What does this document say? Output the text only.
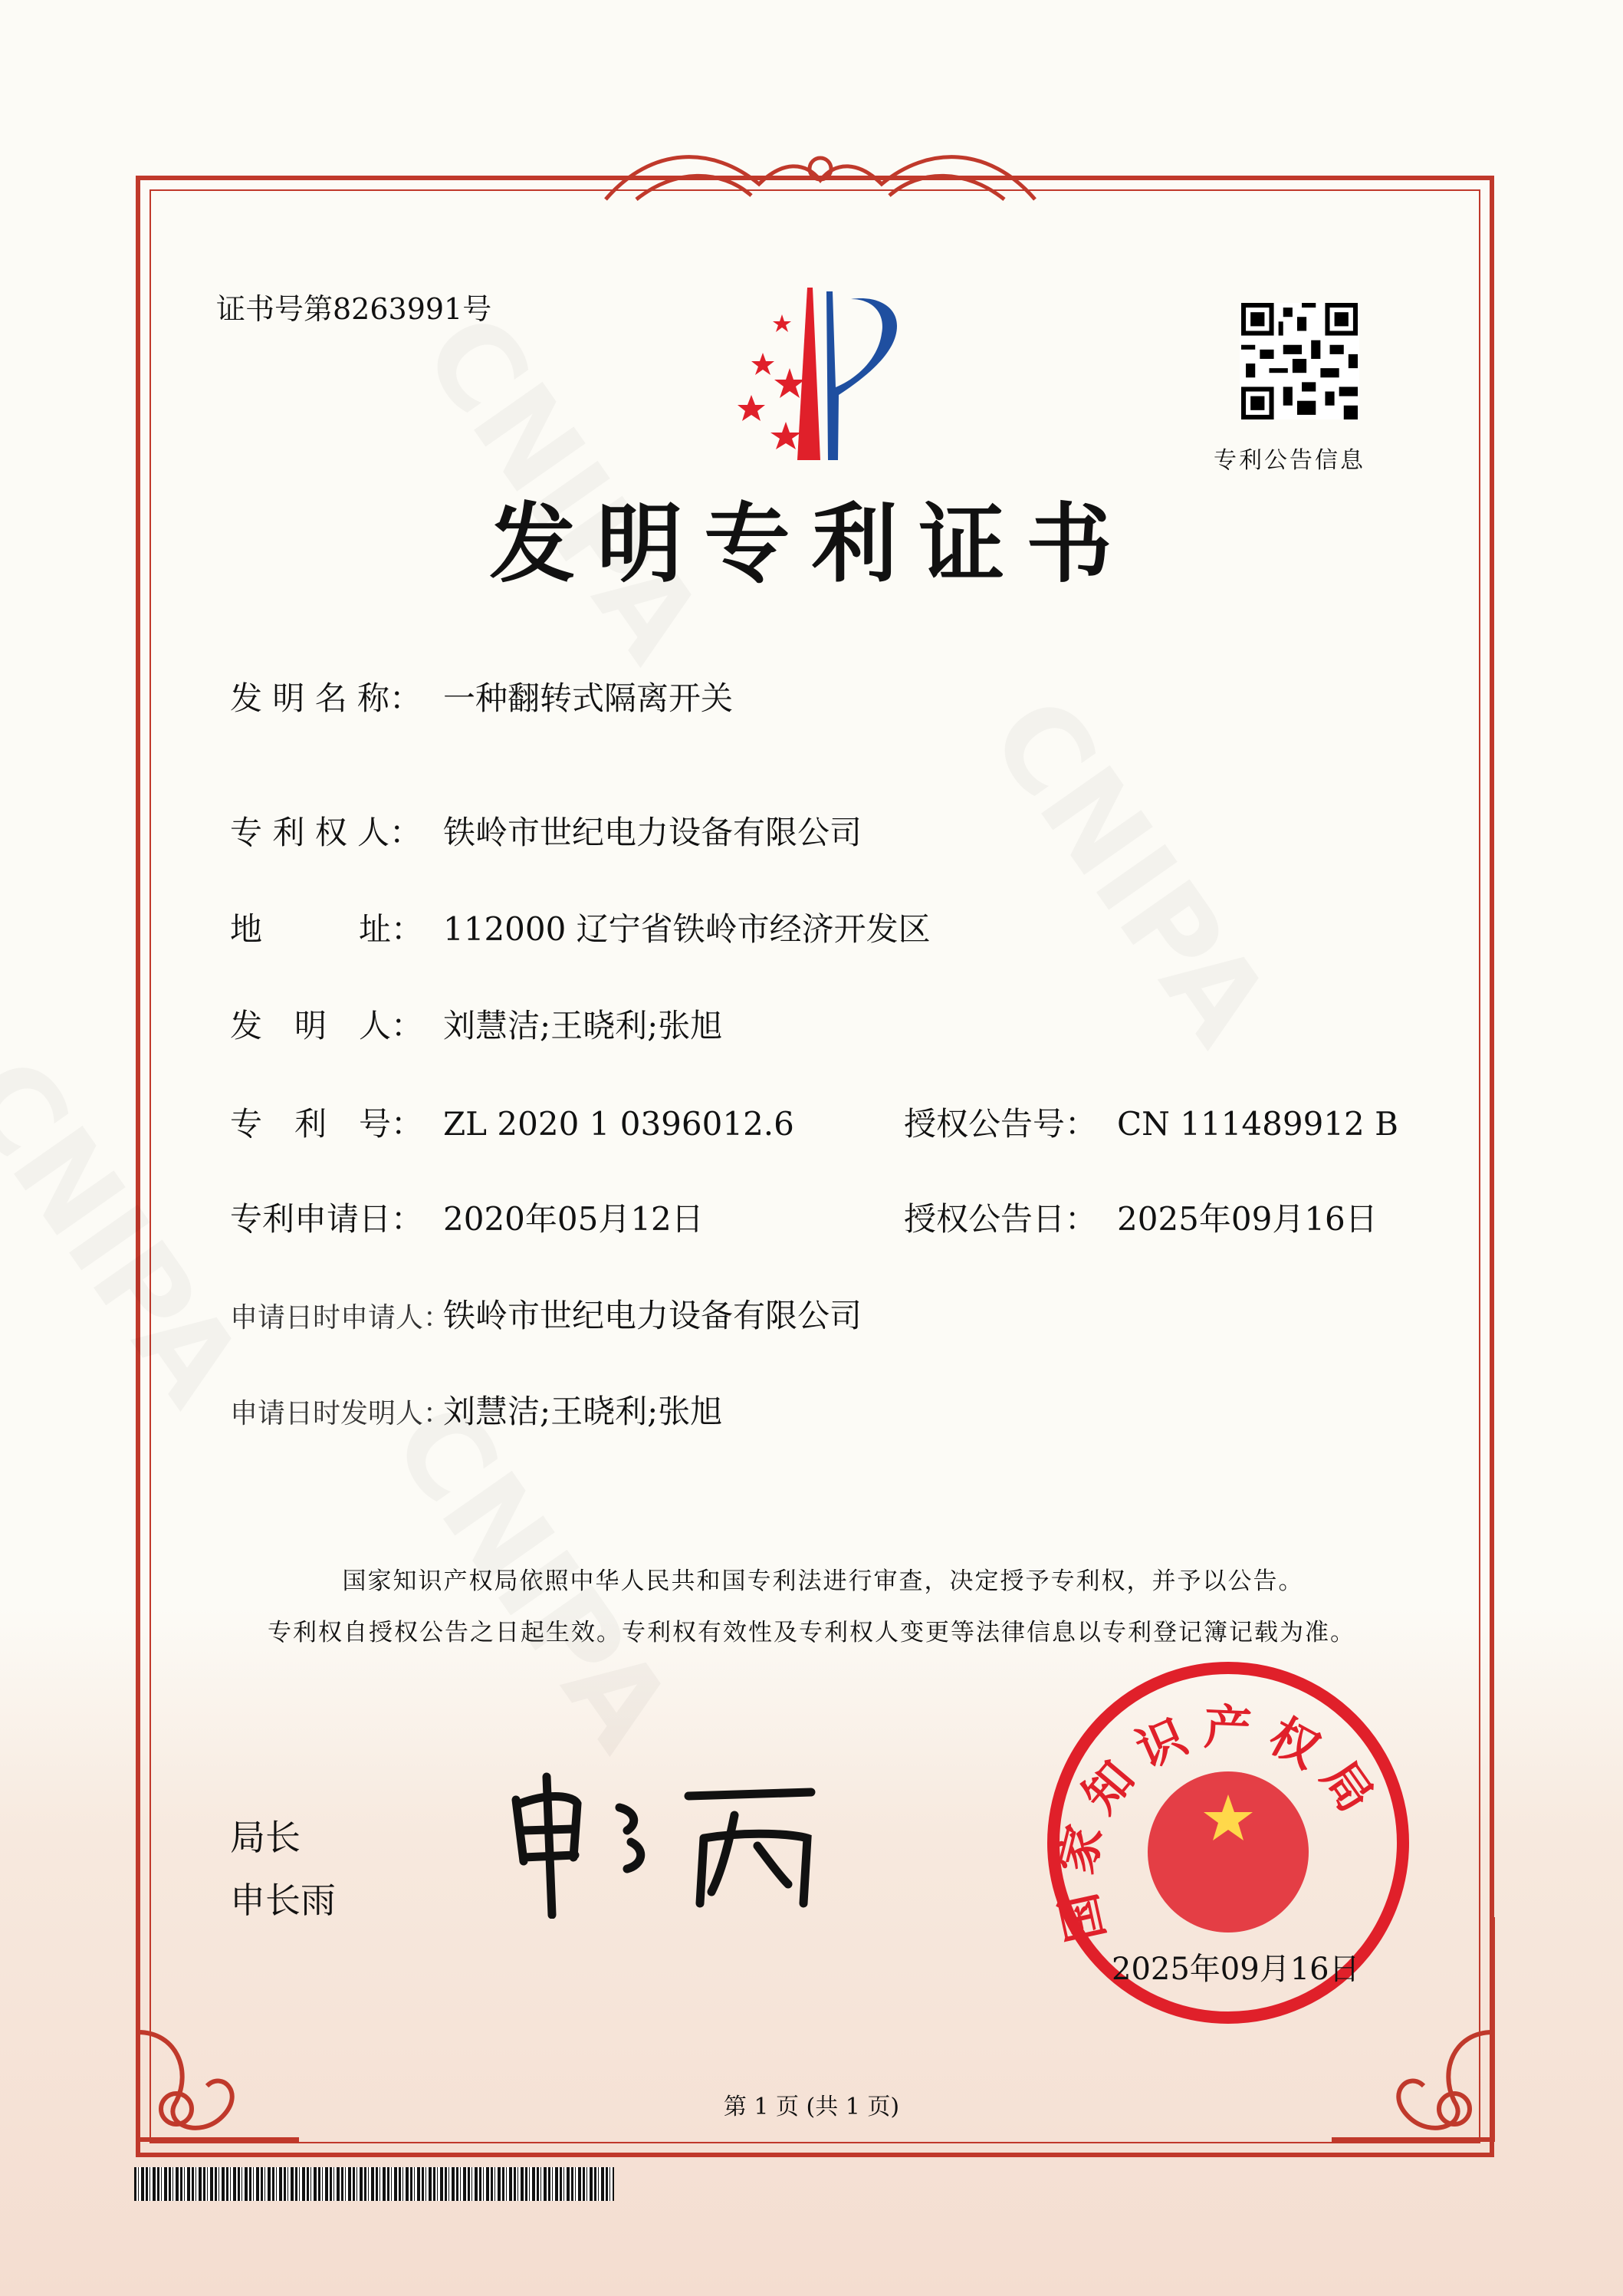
证书号第8263991号
专利公告信息
发明专利证书
发 明 名 称： 一种翻转式隔离开关
专 利 权 人： 铁岭市世纪电力设备有限公司
地　　　址： 112000 辽宁省铁岭市经济开发区
发　明　人： 刘慧洁;王晓利;张旭
专　利　号： ZL 2020 1 0396012.6
专利申请日： 2020年05月12日
申请日时申请人：铁岭市世纪电力设备有限公司
申请日时发明人：刘慧洁;王晓利;张旭
授权公告号： CN 111489912 B
授权公告日： 2025年09月16日
国家知识产权局依照中华人民共和国专利法进行审查，决定授予专利权，并予以公告。
专利权自授权公告之日起生效。专利权有效性及专利权人变更等法律信息以专利登记簿记载为准。
局长
申长雨	国家知识产权局
2025年09月16日
第 1 页 (共 1 页)
